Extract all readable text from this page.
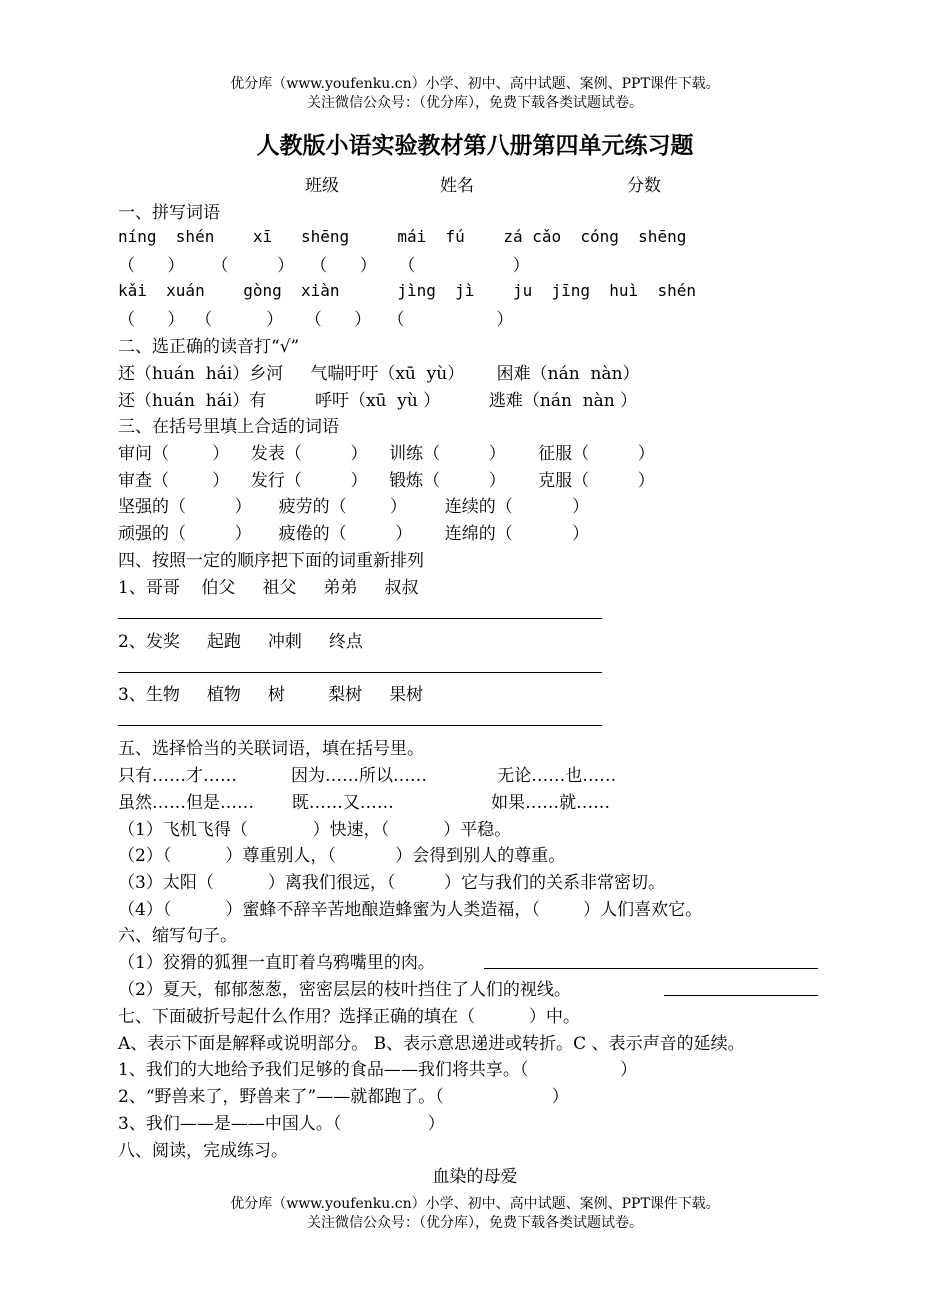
优分库（www.youfenku.cn）小学、初中、高中试题、案例、PPT课件下载。
关注微信公众号：（优分库），免费下载各类试题试卷。
人教版小语实验教材第八册第四单元练习题
班级	姓名	分数
一、拼写词语
níng  shén    xī   shēng     mái  fú    zá cǎo  cóng  shēng
（      ）     （         ）   （      ）    （                  ）
kǎi  xuán    gòng  xiàn      jìng  jì    ju  jīng  huì  shén
（      ）  （          ）    （      ）   （                 ）
二、选正确的读音打“√”
还（huán  hái）乡河     气喘吁吁（xū  yù）      困难（nán  nàn）
还（huán  hái）有         呼吁（xū  yù ）         逃难（nán  nàn ）
三、在括号里填上合适的词语
审问（        ）    发表（         ）    训练（         ）      征服（         ）
审查（        ）    发行（         ）    锻炼（         ）      克服（         ）
坚强的（         ）     疲劳的（        ）       连续的（           ）
顽强的（         ）     疲倦的（         ）      连绵的（           ）
四、按照一定的顺序把下面的词重新排列
1、哥哥    伯父     祖父     弟弟     叔叔
2、发奖     起跑     冲刺     终点
3、生物     植物     树        梨树     果树
五、选择恰当的关联词语，填在括号里。
只有……才……          因为……所以……             无论……也……
虽然……但是……       既……又……                  如果……就……
（1）飞机飞得（            ）快速，（          ）平稳。
（2）（          ）尊重别人，（           ）会得到别人的尊重。
（3）太阳（          ）离我们很远，（         ）它与我们的关系非常密切。
（4）（          ）蜜蜂不辞辛苦地酿造蜂蜜为人类造福，（        ）人们喜欢它。
六、缩写句子。
（1）狡猾的狐狸一直盯着乌鸦嘴里的肉。
（2）夏天，郁郁葱葱，密密层层的枝叶挡住了人们的视线。
七、下面破折号起什么作用？选择正确的填在（          ）中。
A、表示下面是解释或说明部分。 B、表示意思递进或转折。C 、表示声音的延续。
1、我们的大地给予我们足够的食品——我们将共享。（                 ）
2、“野兽来了，野兽来了”——就都跑了。（                    ）
3、我们——是——中国人。（                ）
八、阅读，完成练习。
血染的母爱
优分库（www.youfenku.cn）小学、初中、高中试题、案例、PPT课件下载。
关注微信公众号：（优分库），免费下载各类试题试卷。
